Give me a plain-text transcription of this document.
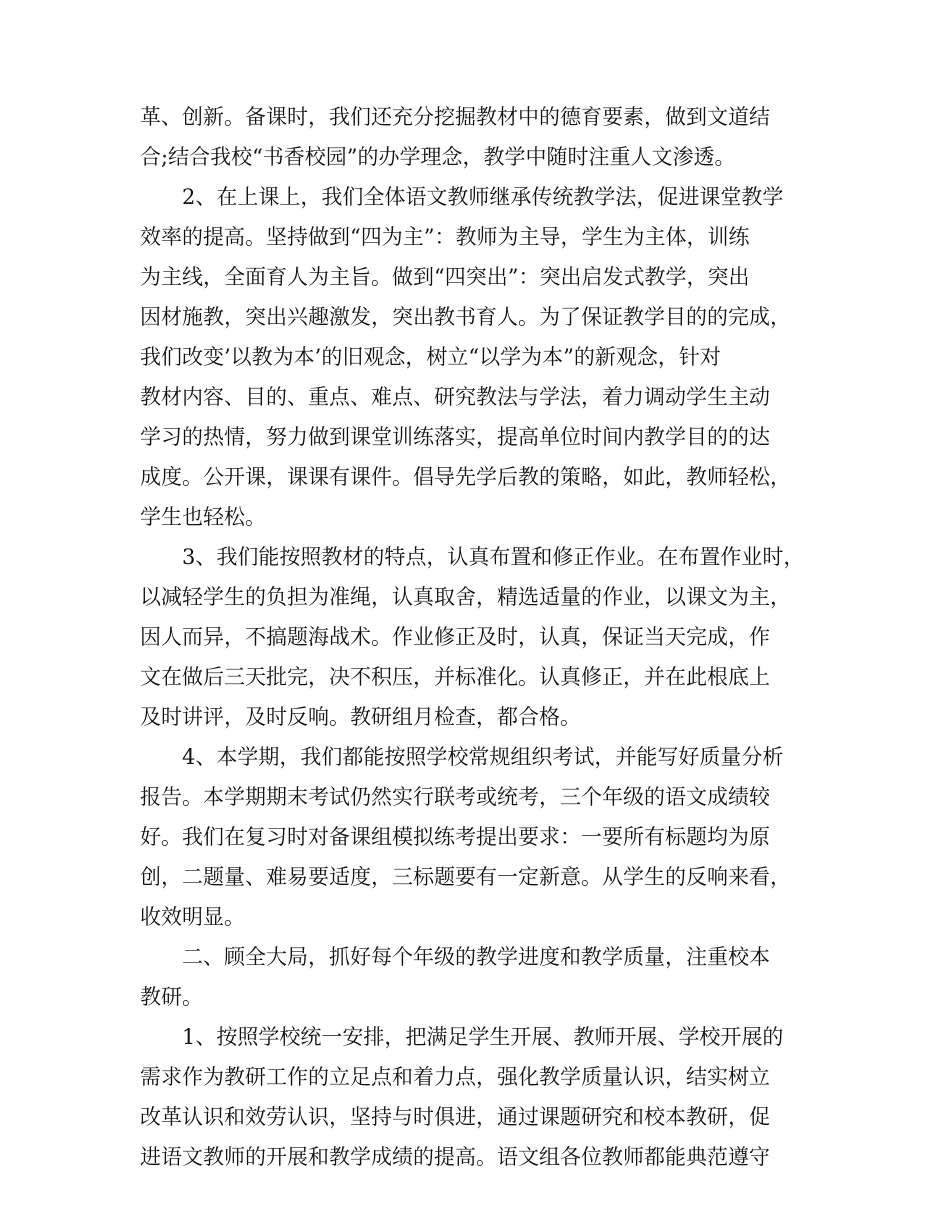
革、创新。备课时，我们还充分挖掘教材中的德育要素，做到文道结
合;结合我校“书香校园”的办学理念，教学中随时注重人文渗透。
　　2、在上课上，我们全体语文教师继承传统教学法，促进课堂教学
效率的提高。坚持做到“四为主”：教师为主导，学生为主体，训练
为主线，全面育人为主旨。做到“四突出”：突出启发式教学，突出
因材施教，突出兴趣激发，突出教书育人。为了保证教学目的的完成，
我们改变’以教为本’的旧观念，树立“以学为本”的新观念，针对
教材内容、目的、重点、难点、研究教法与学法，着力调动学生主动
学习的热情，努力做到课堂训练落实，提高单位时间内教学目的的达
成度。公开课，课课有课件。倡导先学后教的策略，如此，教师轻松，
学生也轻松。
　　3、我们能按照教材的特点，认真布置和修正作业。在布置作业时，
以减轻学生的负担为准绳，认真取舍，精选适量的作业，以课文为主，
因人而异，不搞题海战术。作业修正及时，认真，保证当天完成，作
文在做后三天批完，决不积压，并标准化。认真修正，并在此根底上
及时讲评，及时反响。教研组月检查，都合格。
　　4、本学期，我们都能按照学校常规组织考试，并能写好质量分析
报告。本学期期末考试仍然实行联考或统考，三个年级的语文成绩较
好。我们在复习时对备课组模拟练考提出要求：一要所有标题均为原
创，二题量、难易要适度，三标题要有一定新意。从学生的反响来看，
收效明显。
　　二、顾全大局，抓好每个年级的教学进度和教学质量，注重校本
教研。
　　1、按照学校统一安排，把满足学生开展、教师开展、学校开展的
需求作为教研工作的立足点和着力点，强化教学质量认识，结实树立
改革认识和效劳认识，坚持与时俱进，通过课题研究和校本教研，促
进语文教师的开展和教学成绩的提高。语文组各位教师都能典范遵守
